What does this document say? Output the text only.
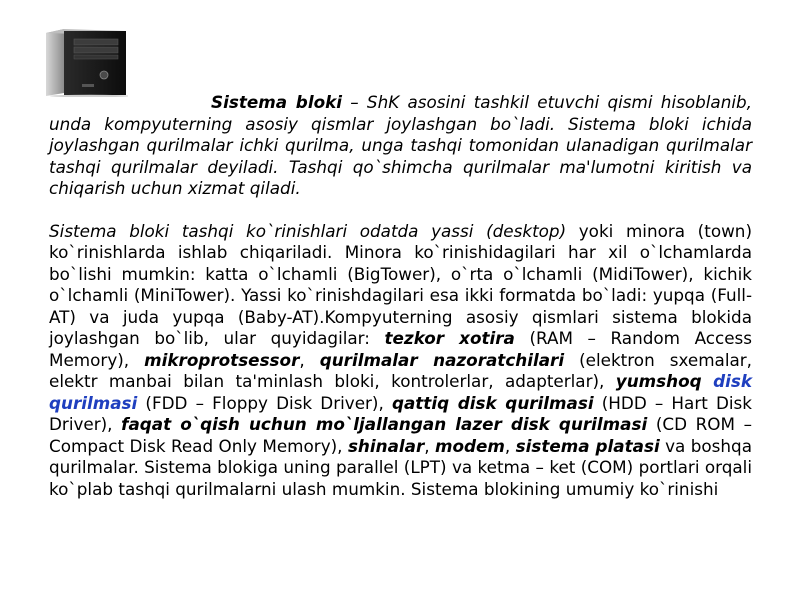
Sistema bloki – ShK asosini tashkil etuvchi qismi hisoblanib, unda kompyuterning asosiy qismlar joylashgan bo`ladi. Sistema bloki ichida joylashgan qurilmalar ichki qurilma, unga tashqi tomonidan ulanadigan qurilmalar tashqi qurilmalar deyiladi. Tashqi qo`shimcha qurilmalar ma'lumotni kiritish va chiqarish uchun xizmat qiladi.

Sistema bloki tashqi ko`rinishlari odatda yassi (desktop) yoki minora (town) ko`rinishlarda ishlab chiqariladi. Minora ko`rinishidagilari har xil o`lchamlarda bo`lishi mumkin: katta o`lchamli (BigTower), o`rta o`lchamli (MidiTower), kichik o`lchamli (MiniTower). Yassi ko`rinishdagilari esa ikki formatda bo`ladi: yupqa (Full-AT) va juda yupqa (Baby-AT).Kompyuterning asosiy qismlari sistema blokida joylashgan bo`lib, ular quyidagilar: tezkor xotira (RAM – Random Access Memory), mikroprotsessor, qurilmalar nazoratchilari (elektron sxemalar, elektr manbai bilan ta'minlash bloki, kontrolerlar, adapterlar), yumshoq disk qurilmasi (FDD – Floppy Disk Driver), qattiq disk qurilmasi (HDD – Hart Disk Driver), faqat o`qish uchun mo`ljallangan lazer disk qurilmasi (CD ROM – Compact Disk Read Only Memory), shinalar, modem, sistema platasi va boshqa qurilmalar. Sistema blokiga uning parallel (LPT) va ketma – ket (COM) portlari orqali ko`plab tashqi qurilmalarni ulash mumkin. Sistema blokining umumiy ko`rinishi
